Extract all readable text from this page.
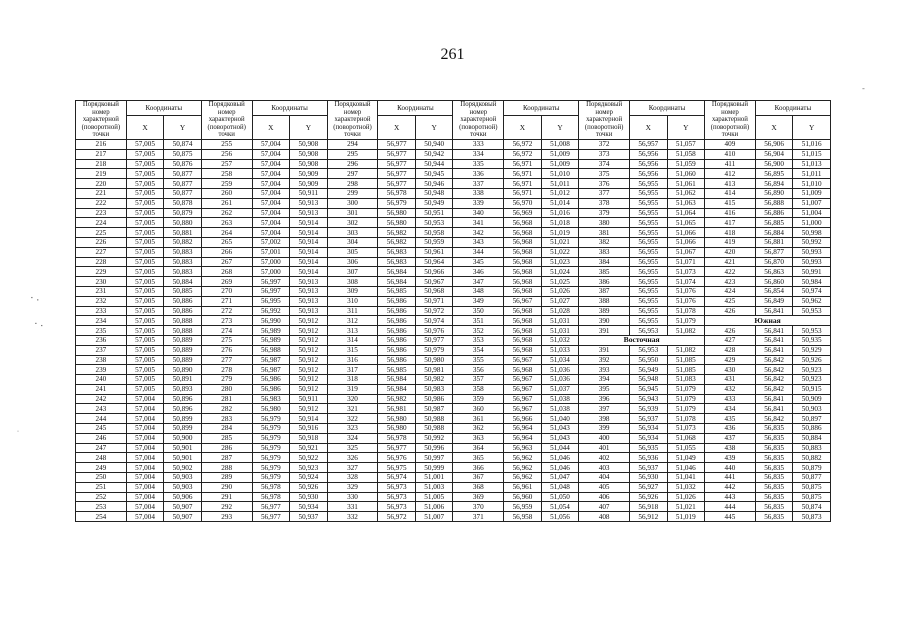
261
Порядковый номер характерной (поворотной) точки	Координаты		Порядковый номер характерной (поворотной) точки	Координаты		Порядковый номер характерной (поворотной) точки	Координаты		Порядковый номер характерной (поворотной) точки	Координаты		Порядковый номер характерной (поворотной) точки	Координаты		Порядковый номер характерной (поворотной) точки	Координаты	
	X	Y		X	Y		X	Y		X	Y		X	Y		X	Y
216	57,005	50,874	255	57,004	50,908	294	56,977	50,940	333	56,972	51,008	372	56,957	51,057	409	56,906	51,016
217	57,005	50,875	256	57,004	50,908	295	56,977	50,942	334	56,972	51,009	373	56,956	51,058	410	56,904	51,015
218	57,005	50,876	257	57,004	50,908	296	56,977	50,944	335	56,971	51,009	374	56,956	51,059	411	56,900	51,013
219	57,005	50,877	258	57,004	50,909	297	56,977	50,945	336	56,971	51,010	375	56,956	51,060	412	56,895	51,011
220	57,005	50,877	259	57,004	50,909	298	56,977	50,946	337	56,971	51,011	376	56,955	51,061	413	56,894	51,010
221	57,005	50,877	260	57,004	50,911	299	56,978	50,948	338	56,971	51,012	377	56,955	51,062	414	56,890	51,009
222	57,005	50,878	261	57,004	50,913	300	56,979	50,949	339	56,970	51,014	378	56,955	51,063	415	56,888	51,007
223	57,005	50,879	262	57,004	50,913	301	56,980	50,951	340	56,969	51,016	379	56,955	51,064	416	56,886	51,004
224	57,005	50,880	263	57,004	50,914	302	56,980	50,953	341	56,968	51,018	380	56,955	51,065	417	56,885	51,000
225	57,005	50,881	264	57,004	50,914	303	56,982	50,958	342	56,968	51,019	381	56,955	51,066	418	56,884	50,998
226	57,005	50,882	265	57,002	50,914	304	56,982	50,959	343	56,968	51,021	382	56,955	51,066	419	56,881	50,992
227	57,005	50,883	266	57,001	50,914	305	56,983	50,961	344	56,968	51,022	383	56,955	51,067	420	56,877	50,993
228	57,005	50,883	267	57,000	50,914	306	56,983	50,964	345	56,968	51,023	384	56,955	51,071	421	56,870	50,993
229	57,005	50,883	268	57,000	50,914	307	56,984	50,966	346	56,968	51,024	385	56,955	51,073	422	56,863	50,991
230	57,005	50,884	269	56,997	50,913	308	56,984	50,967	347	56,968	51,025	386	56,955	51,074	423	56,860	50,984
231	57,005	50,885	270	56,997	50,913	309	56,985	50,968	348	56,968	51,026	387	56,955	51,076	424	56,854	50,974
232	57,005	50,886	271	56,995	50,913	310	56,986	50,971	349	56,967	51,027	388	56,955	51,076	425	56,849	50,962
233	57,005	50,886	272	56,992	50,913	311	56,986	50,972	350	56,968	51,028	389	56,955	51,078	426	56,841	50,953
234	57,005	50,888	273	56,990	50,912	312	56,986	50,974	351	56,968	51,031	390	56,955	51,079	Южная		
235	57,005	50,888	274	56,989	50,912	313	56,986	50,976	352	56,968	51,031	391	56,953	51,082	426	56,841	50,953
236	57,005	50,889	275	56,989	50,912	314	56,986	50,977	353	56,968	51,032	Восточная			427	56,841	50,935
237	57,005	50,889	276	56,988	50,912	315	56,986	50,979	354	56,968	51,033	391	56,953	51,082	428	56,841	50,929
238	57,005	50,889	277	56,987	50,912	316	56,986	50,980	355	56,967	51,034	392	56,950	51,085	429	56,842	50,926
239	57,005	50,890	278	56,987	50,912	317	56,985	50,981	356	56,968	51,036	393	56,949	51,085	430	56,842	50,923
240	57,005	50,891	279	56,986	50,912	318	56,984	50,982	357	56,967	51,036	394	56,948	51,083	431	56,842	50,923
241	57,005	50,893	280	56,986	50,912	319	56,984	50,983	358	56,967	51,037	395	56,945	51,079	432	56,842	50,915
242	57,004	50,896	281	56,983	50,911	320	56,982	50,986	359	56,967	51,038	396	56,943	51,079	433	56,841	50,909
243	57,004	50,896	282	56,980	50,912	321	56,981	50,987	360	56,967	51,038	397	56,939	51,079	434	56,841	50,903
244	57,004	50,899	283	56,979	50,914	322	56,980	50,988	361	56,966	51,040	398	56,937	51,078	435	56,842	50,897
245	57,004	50,899	284	56,979	50,916	323	56,980	50,988	362	56,964	51,043	399	56,934	51,073	436	56,835	50,886
246	57,004	50,900	285	56,979	50,918	324	56,978	50,992	363	56,964	51,043	400	56,934	51,068	437	56,835	50,884
247	57,004	50,901	286	56,979	50,921	325	56,977	50,996	364	56,963	51,044	401	56,935	51,055	438	56,835	50,883
248	57,004	50,901	287	56,979	50,922	326	56,976	50,997	365	56,962	51,046	402	56,936	51,049	439	56,835	50,882
249	57,004	50,902	288	56,979	50,923	327	56,975	50,999	366	56,962	51,046	403	56,937	51,046	440	56,835	50,879
250	57,004	50,903	289	56,979	50,924	328	56,974	51,001	367	56,962	51,047	404	56,930	51,041	441	56,835	50,877
251	57,004	50,903	290	56,978	50,926	329	56,973	51,003	368	56,961	51,048	405	56,927	51,032	442	56,835	50,875
252	57,004	50,906	291	56,978	50,930	330	56,973	51,005	369	56,960	51,050	406	56,926	51,026	443	56,835	50,875
253	57,004	50,907	292	56,977	50,934	331	56,973	51,006	370	56,959	51,054	407	56,918	51,021	444	56,835	50,874
254	57,004	50,907	293	56,977	50,937	332	56,972	51,007	371	56,958	51,056	408	56,912	51,019	445	56,835	50,873
⠂⠄
⠁⠂
‐
˙
